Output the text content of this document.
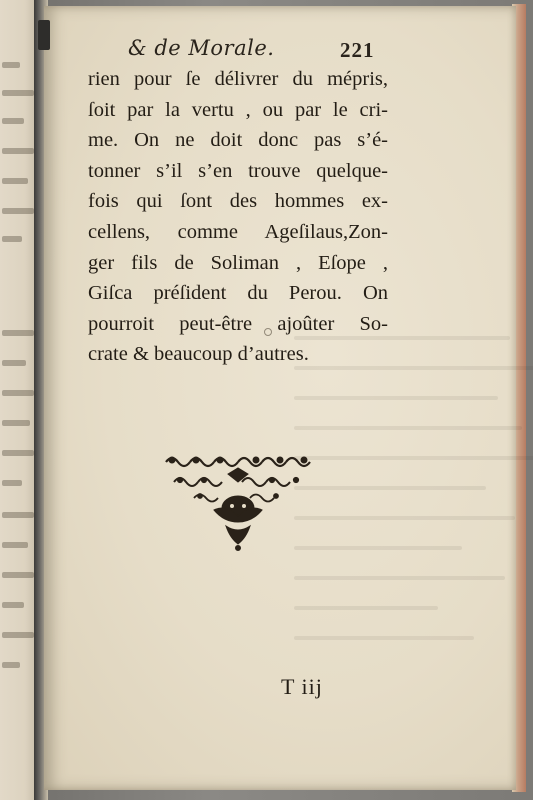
& de Morale.	221
rien pour ſe délivrer du mépris,
ſoit par la vertu , ou par le cri-
me. On ne doit donc pas s’é-
tonner s’il s’en trouve quelque-
fois qui ſont des hommes ex-
cellens, comme Ageſilaus,Zon-
ger fils de Soliman , Eſope ,
Giſca préſident du Perou. On
pourroit peut-être ajoûter So-
crate & beaucoup d’autres.
T iij
